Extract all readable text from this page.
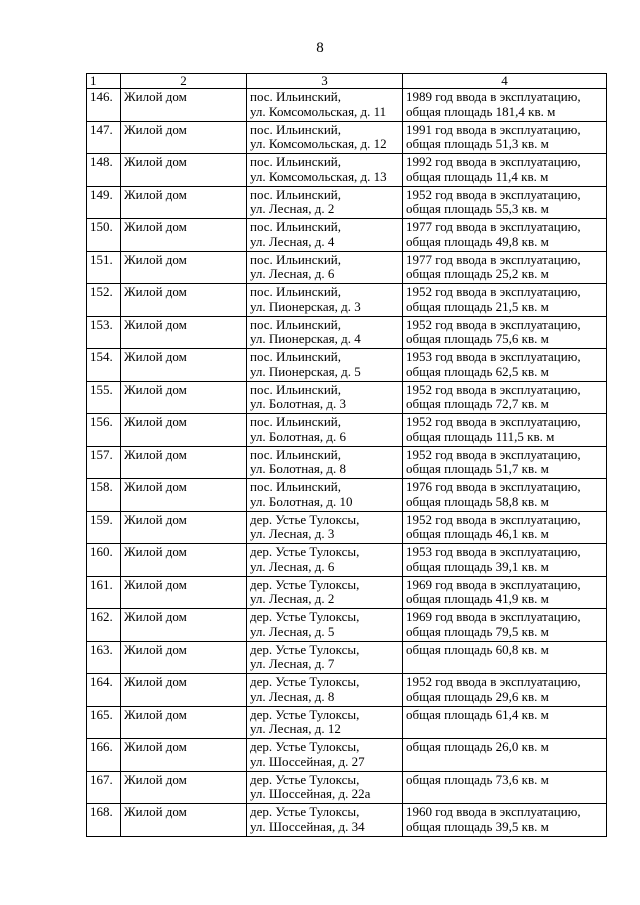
8
1	2	3	4

146.	Жилой дом	пос. Ильинский,
ул. Комсомольская, д. 11	1989 год ввода в эксплуатацию,
общая площадь 181,4 кв. м

147.	Жилой дом	пос. Ильинский,
ул. Комсомольская, д. 12	1991 год ввода в эксплуатацию,
общая площадь 51,3 кв. м

148.	Жилой дом	пос. Ильинский,
ул. Комсомольская, д. 13	1992 год ввода в эксплуатацию,
общая площадь 11,4 кв. м

149.	Жилой дом	пос. Ильинский,
ул. Лесная, д. 2	1952 год ввода в эксплуатацию,
общая площадь 55,3 кв. м

150.	Жилой дом	пос. Ильинский,
ул. Лесная, д. 4	1977 год ввода в эксплуатацию,
общая площадь 49,8 кв. м

151.	Жилой дом	пос. Ильинский,
ул. Лесная, д. 6	1977 год ввода в эксплуатацию,
общая площадь 25,2 кв. м

152.	Жилой дом	пос. Ильинский,
ул. Пионерская, д. 3	1952 год ввода в эксплуатацию,
общая площадь 21,5 кв. м

153.	Жилой дом	пос. Ильинский,
ул. Пионерская, д. 4	1952 год ввода в эксплуатацию,
общая площадь 75,6 кв. м

154.	Жилой дом	пос. Ильинский,
ул. Пионерская, д. 5	1953 год ввода в эксплуатацию,
общая площадь 62,5 кв. м

155.	Жилой дом	пос. Ильинский,
ул. Болотная, д. 3	1952 год ввода в эксплуатацию,
общая площадь 72,7 кв. м

156.	Жилой дом	пос. Ильинский,
ул. Болотная, д. 6	1952 год ввода в эксплуатацию,
общая площадь 111,5 кв. м

157.	Жилой дом	пос. Ильинский,
ул. Болотная, д. 8	1952 год ввода в эксплуатацию,
общая площадь 51,7 кв. м

158.	Жилой дом	пос. Ильинский,
ул. Болотная, д. 10	1976 год ввода в эксплуатацию,
общая площадь 58,8 кв. м

159.	Жилой дом	дер. Устье Тулоксы,
ул. Лесная, д. 3	1952 год ввода в эксплуатацию,
общая площадь 46,1 кв. м

160.	Жилой дом	дер. Устье Тулоксы,
ул. Лесная, д. 6	1953 год ввода в эксплуатацию,
общая площадь 39,1 кв. м

161.	Жилой дом	дер. Устье Тулоксы,
ул. Лесная, д. 2	1969 год ввода в эксплуатацию,
общая площадь 41,9 кв. м

162.	Жилой дом	дер. Устье Тулоксы,
ул. Лесная, д. 5	1969 год ввода в эксплуатацию,
общая площадь 79,5 кв. м

163.	Жилой дом	дер. Устье Тулоксы,
ул. Лесная, д. 7	общая площадь 60,8 кв. м

164.	Жилой дом	дер. Устье Тулоксы,
ул. Лесная, д. 8	1952 год ввода в эксплуатацию,
общая площадь 29,6 кв. м

165.	Жилой дом	дер. Устье Тулоксы,
ул. Лесная, д. 12	общая площадь 61,4 кв. м

166.	Жилой дом	дер. Устье Тулоксы,
ул. Шоссейная, д. 27	общая площадь 26,0 кв. м

167.	Жилой дом	дер. Устье Тулоксы,
ул. Шоссейная, д. 22а	общая площадь 73,6 кв. м

168.	Жилой дом	дер. Устье Тулоксы,
ул. Шоссейная, д. 34	1960 год ввода в эксплуатацию,
общая площадь 39,5 кв. м
